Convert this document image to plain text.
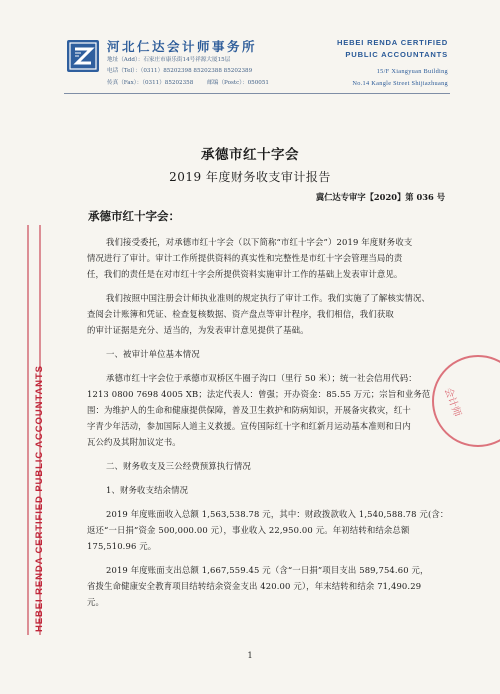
河北仁达会计师事务所
地址（Add）：石家庄市康乐街14号祥源大厦15层
电话（Tel）：（0311）85202398 85202388 85202389
传真（Fax）：（0311）85202358	邮编（Postc）：050051
HEBEI RENDA CERTIFIED
PUBLIC ACCOUNTANTS
15/F Xiangyuan Building
No.14 Kangle Street Shijiazhuang
HEBEI RENDA CERTIFIED PUBLIC ACCOUNTANTS	会计师
承德市红十字会
2019 年度财务收支审计报告
冀仁达专审字【2020】第 036 号
承德市红十字会：
我们接受委托，对承德市红十字会（以下简称“市红十字会”）2019 年度财务收支
情况进行了审计。审计工作所提供资料的真实性和完整性是市红十字会管理当局的责
任，我们的责任是在对市红十字会所提供资料实施审计工作的基础上发表审计意见。
我们按照中国注册会计师执业准则的规定执行了审计工作。我们实施了了解核实情况、
查阅会计账簿和凭证、检查复核数据、资产盘点等审计程序，我们相信，我们获取
的审计证据是充分、适当的，为发表审计意见提供了基础。
一、被审计单位基本情况
承德市红十字会位于承德市双桥区牛圈子沟口（里行 50 米）；统一社会信用代码：
1213 0800 7698 4005 XB；法定代表人：曾强；开办资金：85.55 万元；宗旨和业务范
围：为维护人的生命和健康提供保障，普及卫生救护和防病知识，开展备灾救灾，红十
字青少年活动，参加国际人道主义救援。宣传国际红十字和红新月运动基本准则和日内
瓦公约及其附加议定书。
二、财务收支及三公经费预算执行情况
1、财务收支结余情况
2019 年度账面收入总额 1,563,538.78 元，其中：财政拨款收入 1,540,588.78 元(含：
返还“一日捐”资金 500,000.00 元），事业收入 22,950.00 元。年初结转和结余总额
175,510.96 元。
2019 年度账面支出总额 1,667,559.45 元（含“一日捐”项目支出 589,754.60 元，
省拨生命健康安全教育项目结转结余资金支出 420.00 元），年末结转和结余 71,490.29
元。
1
